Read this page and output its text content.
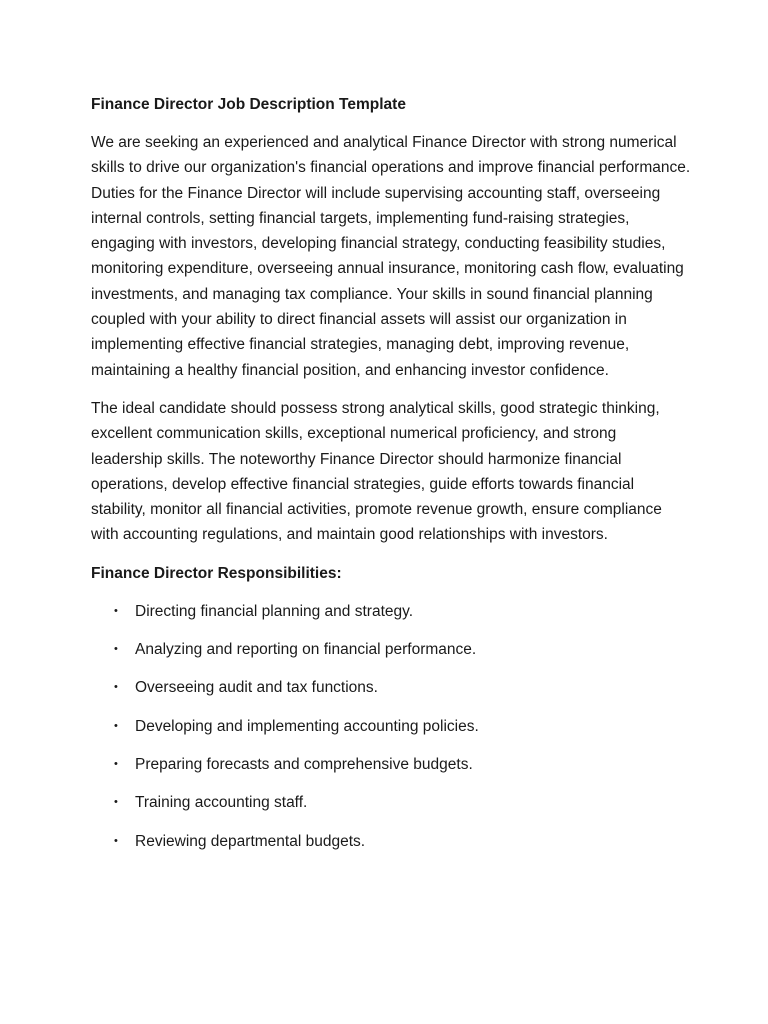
Finance Director Job Description Template

We are seeking an experienced and analytical Finance Director with strong numerical skills to drive our organization's financial operations and improve financial performance. Duties for the Finance Director will include supervising accounting staff, overseeing internal controls, setting financial targets, implementing fund-raising strategies, engaging with investors, developing financial strategy, conducting feasibility studies, monitoring expenditure, overseeing annual insurance, monitoring cash flow, evaluating investments, and managing tax compliance. Your skills in sound financial planning coupled with your ability to direct financial assets will assist our organization in implementing effective financial strategies, managing debt, improving revenue, maintaining a healthy financial position, and enhancing investor confidence.

The ideal candidate should possess strong analytical skills, good strategic thinking, excellent communication skills, exceptional numerical proficiency, and strong leadership skills. The noteworthy Finance Director should harmonize financial operations, develop effective financial strategies, guide efforts towards financial stability, monitor all financial activities, promote revenue growth, ensure compliance with accounting regulations, and maintain good relationships with investors.

Finance Director Responsibilities:
• Directing financial planning and strategy.
• Analyzing and reporting on financial performance.
• Overseeing audit and tax functions.
• Developing and implementing accounting policies.
• Preparing forecasts and comprehensive budgets.
• Training accounting staff.
• Reviewing departmental budgets.
